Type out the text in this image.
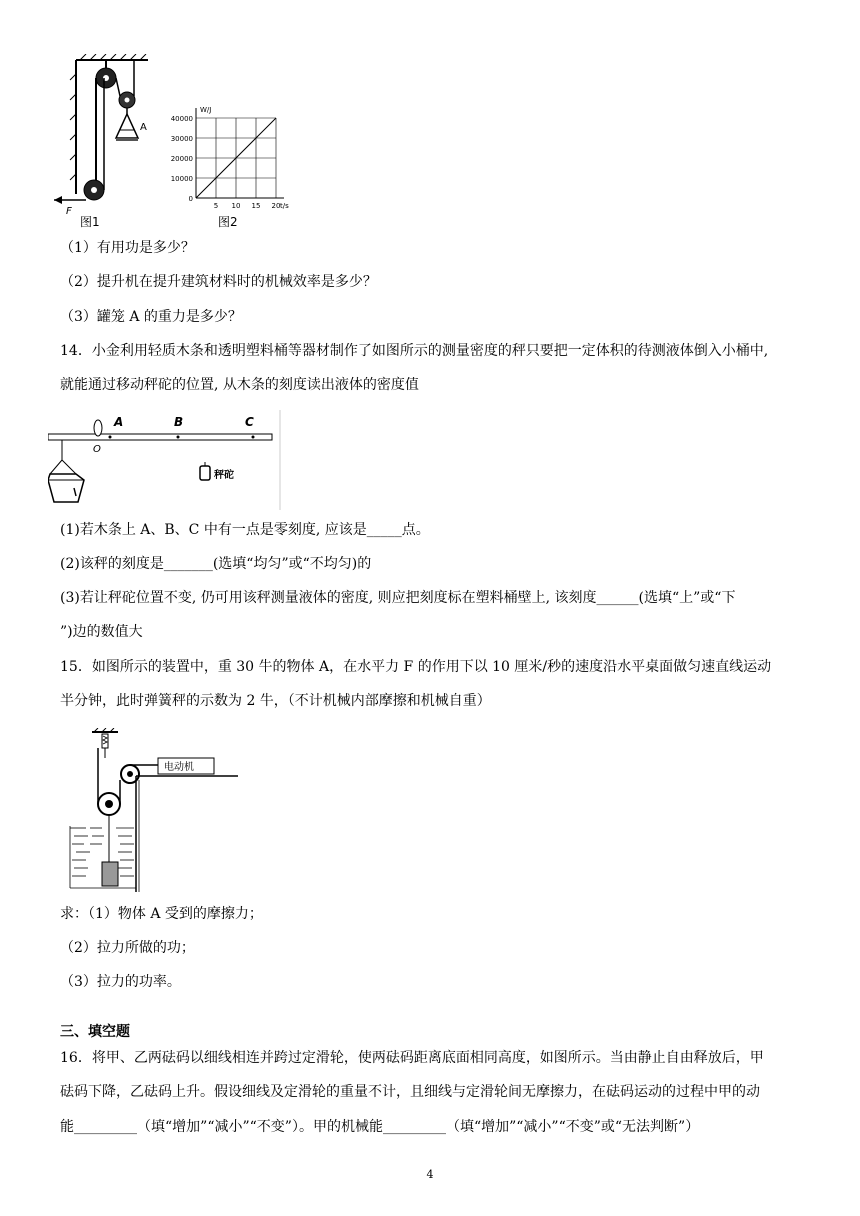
A
F
图1
40000
30000
20000
10000
0
5 10 15 20
W/J
t/s
图2
（1）有用功是多少？
（2）提升机在提升建筑材料时的机械效率是多少？
（3）罐笼 A 的重力是多少？
14．小金利用轻质木条和透明塑料桶等器材制作了如图所示的测量密度的秤只要把一定体积的待测液体倒入小桶中,
就能通过移动秤砣的位置, 从木条的刻度读出液体的密度值
O
A	B	C
秤砣
(1)若木条上 A、B、C 中有一点是零刻度, 应该是_____点。
(2)该秤的刻度是_______(选填“均匀”或“不均匀)的
(3)若让秤砣位置不变, 仍可用该秤测量液体的密度, 则应把刻度标在塑料桶壁上, 该刻度______(选填“上”或“下
”)边的数值大
15．如图所示的装置中，重 30 牛的物体 A，在水平力 F 的作用下以 10 厘米/秒的速度沿水平桌面做匀速直线运动
半分钟，此时弹簧秤的示数为 2 牛，（不计机械内部摩擦和机械自重）
电动机
求：（1）物体 A 受到的摩擦力；
（2）拉力所做的功；
（3）拉力的功率。
三、填空题
16．将甲、乙两砝码以细线相连并跨过定滑轮，使两砝码距离底面相同高度，如图所示。当由静止自由释放后，甲
砝码下降，乙砝码上升。假设细线及定滑轮的重量不计，且细线与定滑轮间无摩擦力，在砝码运动的过程中甲的动
能_________（填“增加”“减小”“不变”）。甲的机械能_________（填“增加”“减小”“不变”或“无法判断”）
4
